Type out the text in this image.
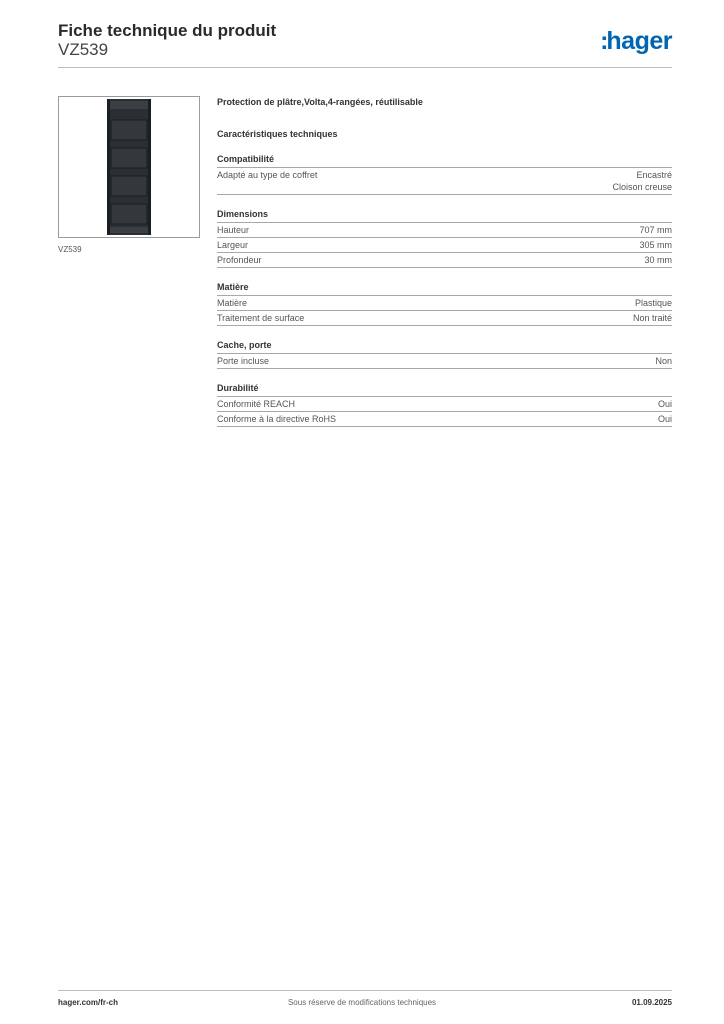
Fiche technique du produit
VZ539	:hager
VZ539
Protection de plâtre,Volta,4-rangées, réutilisable
Caractéristiques techniques
Compatibilité
Adapté au type de coffret	Encastré
Cloison creuse
Dimensions
Hauteur	707 mm
Largeur	305 mm
Profondeur	30 mm
Matière
Matière	Plastique
Traitement de surface	Non traité
Cache, porte
Porte incluse	Non
Durabilité
Conformité REACH	Oui
Conforme à la directive RoHS	Oui
hager.com/fr-ch	Sous réserve de modifications techniques	01.09.2025
